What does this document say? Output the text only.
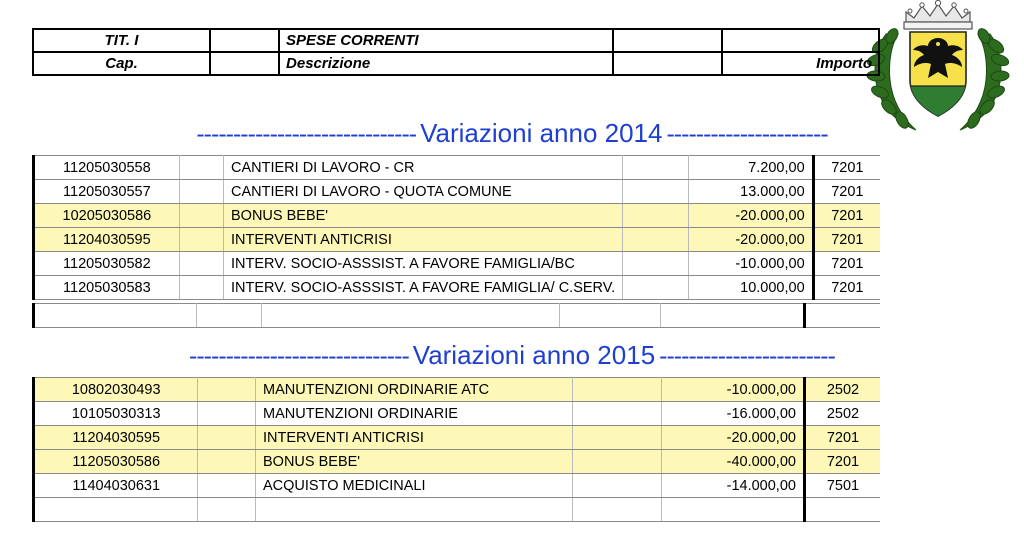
TIT. I		SPESE CORRENTI		
Cap.		Descrizione		Importo
------------------------------ Variazioni anno 2014 ----------------------
11205030558		CANTIERI DI LAVORO - CR		7.200,00	7201
11205030557		CANTIERI DI LAVORO - QUOTA COMUNE		13.000,00	7201
10205030586		BONUS BEBE'		-20.000,00	7201
11204030595		INTERVENTI ANTICRISI		-20.000,00	7201
11205030582		INTERV. SOCIO-ASSSIST. A FAVORE FAMIGLIA/BC		-10.000,00	7201
11205030583		INTERV. SOCIO-ASSSIST. A FAVORE FAMIGLIA/ C.SERV.		10.000,00	7201

------------------------------ Variazioni anno 2015 ------------------------
10802030493		MANUTENZIONI ORDINARIE ATC		-10.000,00	2502
10105030313		MANUTENZIONI ORDINARIE		-16.000,00	2502
11204030595		INTERVENTI ANTICRISI		-20.000,00	7201
11205030586		BONUS BEBE'		-40.000,00	7201
11404030631		ACQUISTO MEDICINALI		-14.000,00	7501
